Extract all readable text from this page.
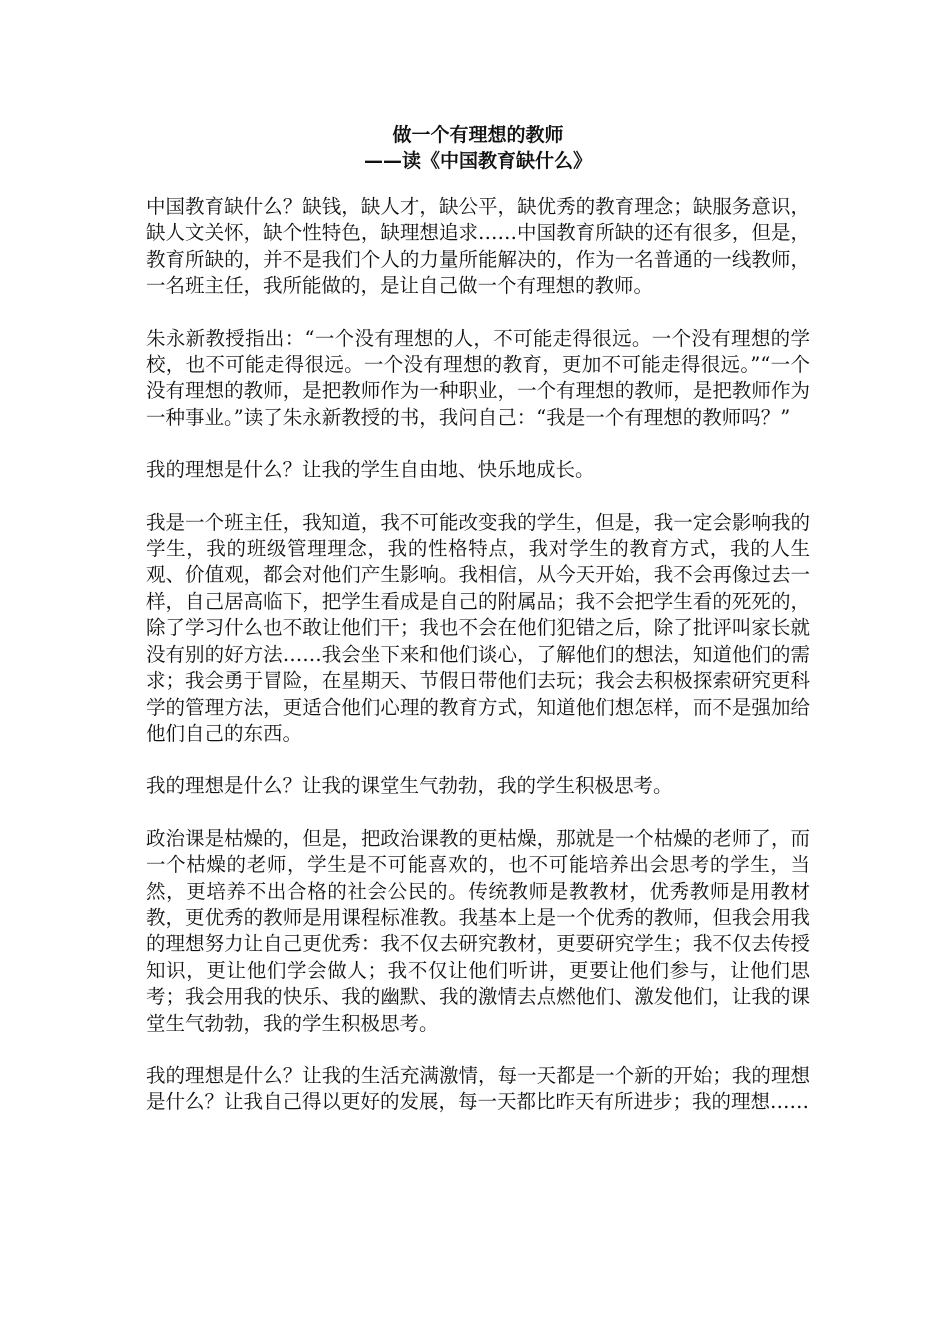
做一个有理想的教师
——读《中国教育缺什么》

中国教育缺什么？缺钱，缺人才，缺公平，缺优秀的教育理念；缺服务意识，缺人文关怀，缺个性特色，缺理想追求……中国教育所缺的还有很多，但是，教育所缺的，并不是我们个人的力量所能解决的，作为一名普通的一线教师，一名班主任，我所能做的，是让自己做一个有理想的教师。

朱永新教授指出：“一个没有理想的人，不可能走得很远。一个没有理想的学校，也不可能走得很远。一个没有理想的教育，更加不可能走得很远。”“一个没有理想的教师，是把教师作为一种职业，一个有理想的教师，是把教师作为一种事业。”读了朱永新教授的书，我问自己：“我是一个有理想的教师吗？”

我的理想是什么？让我的学生自由地、快乐地成长。

我是一个班主任，我知道，我不可能改变我的学生，但是，我一定会影响我的学生，我的班级管理理念，我的性格特点，我对学生的教育方式，我的人生观、价值观，都会对他们产生影响。我相信，从今天开始，我不会再像过去一样，自己居高临下，把学生看成是自己的附属品；我不会把学生看的死死的，除了学习什么也不敢让他们干；我也不会在他们犯错之后，除了批评叫家长就没有别的好方法……我会坐下来和他们谈心，了解他们的想法，知道他们的需求；我会勇于冒险，在星期天、节假日带他们去玩；我会去积极探索研究更科学的管理方法，更适合他们心理的教育方式，知道他们想怎样，而不是强加给他们自己的东西。

我的理想是什么？让我的课堂生气勃勃，我的学生积极思考。

政治课是枯燥的，但是，把政治课教的更枯燥，那就是一个枯燥的老师了，而一个枯燥的老师，学生是不可能喜欢的，也不可能培养出会思考的学生，当然，更培养不出合格的社会公民的。传统教师是教教材，优秀教师是用教材教，更优秀的教师是用课程标准教。我基本上是一个优秀的教师，但我会用我的理想努力让自己更优秀：我不仅去研究教材，更要研究学生；我不仅去传授知识，更让他们学会做人；我不仅让他们听讲，更要让他们参与，让他们思考；我会用我的快乐、我的幽默、我的激情去点燃他们、激发他们，让我的课堂生气勃勃，我的学生积极思考。

我的理想是什么？让我的生活充满激情，每一天都是一个新的开始；我的理想是什么？让我自己得以更好的发展，每一天都比昨天有所进步；我的理想……
